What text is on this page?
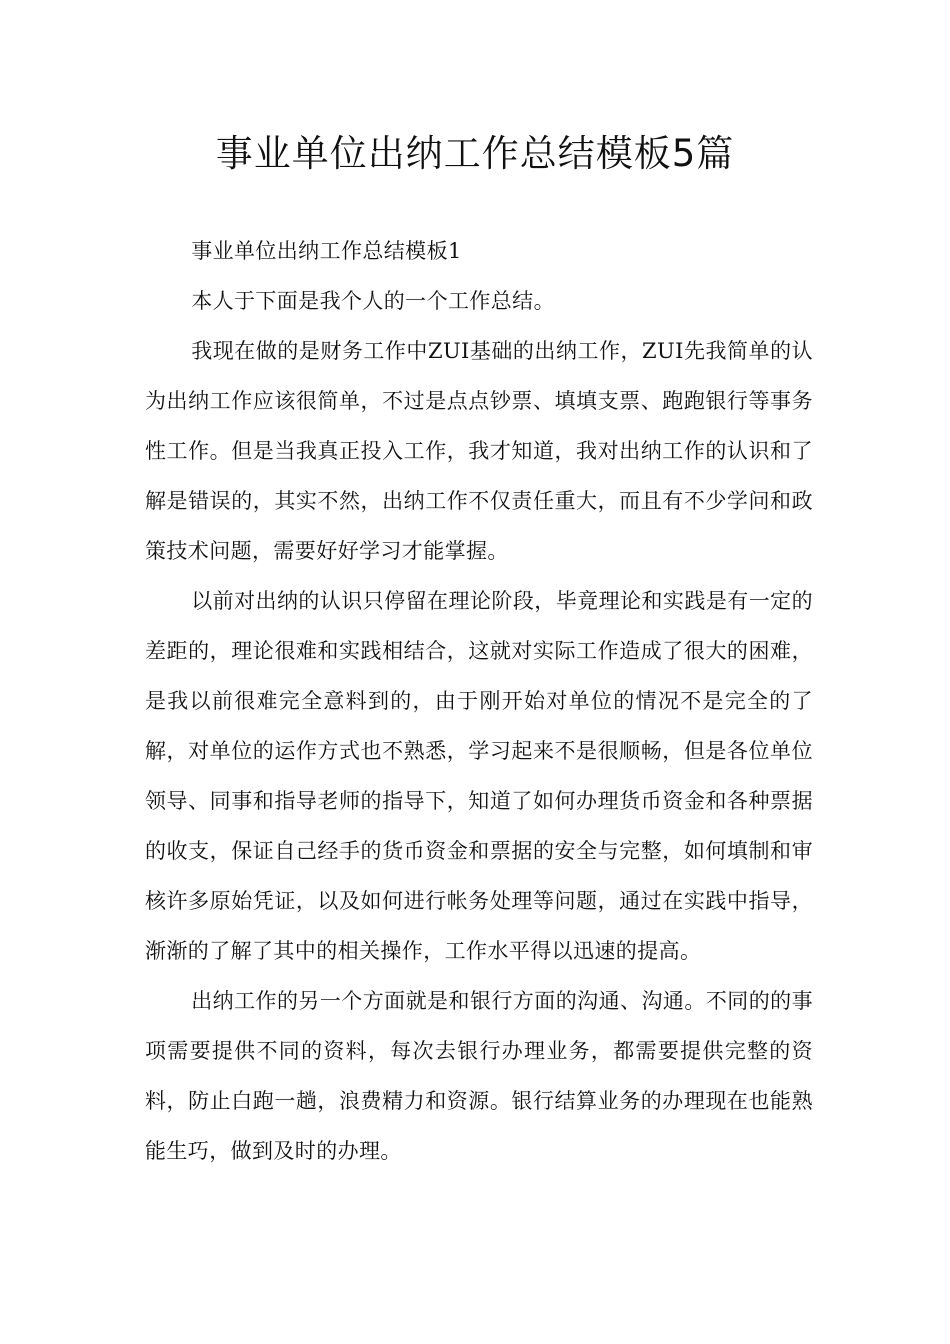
事业单位出纳工作总结模板5篇

事业单位出纳工作总结模板1

本人于下面是我个人的一个工作总结。

我现在做的是财务工作中ZUI基础的出纳工作，ZUI先我简单的认为出纳工作应该很简单，不过是点点钞票、填填支票、跑跑银行等事务性工作。但是当我真正投入工作，我才知道，我对出纳工作的认识和了解是错误的，其实不然，出纳工作不仅责任重大，而且有不少学问和政策技术问题，需要好好学习才能掌握。

以前对出纳的认识只停留在理论阶段，毕竟理论和实践是有一定的差距的，理论很难和实践相结合，这就对实际工作造成了很大的困难，是我以前很难完全意料到的，由于刚开始对单位的情况不是完全的了解，对单位的运作方式也不熟悉，学习起来不是很顺畅，但是各位单位领导、同事和指导老师的指导下，知道了如何办理货币资金和各种票据的收支，保证自己经手的货币资金和票据的安全与完整，如何填制和审核许多原始凭证，以及如何进行帐务处理等问题，通过在实践中指导，渐渐的了解了其中的相关操作，工作水平得以迅速的提高。

出纳工作的另一个方面就是和银行方面的沟通、沟通。不同的的事项需要提供不同的资料，每次去银行办理业务，都需要提供完整的资料，防止白跑一趟，浪费精力和资源。银行结算业务的办理现在也能熟能生巧，做到及时的办理。
